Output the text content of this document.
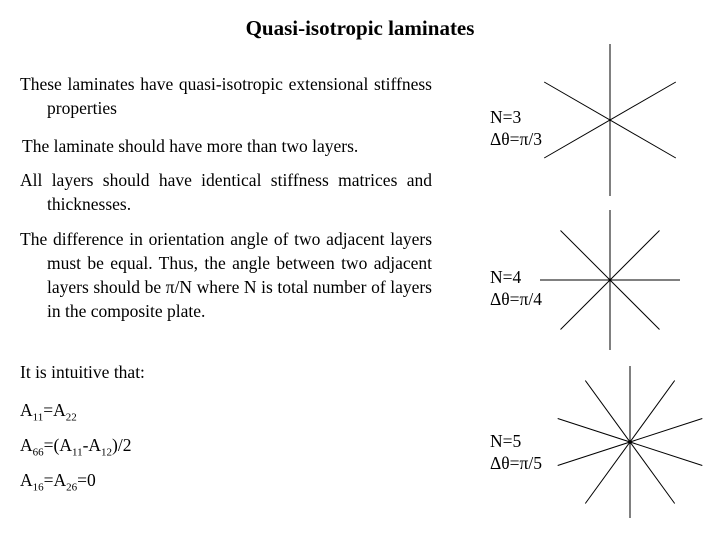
Quasi-isotropic laminates
These laminates have quasi-isotropic extensional stiffness properties
The laminate should have more than two layers.
All layers should have identical stiffness matrices and thicknesses.
The difference in orientation angle of two adjacent layers must be equal. Thus, the angle between two adjacent layers should be π/N where N is total number of layers in the composite plate.
It is intuitive that:
$A_{11}=A_{22}$
$A_{66}=(A_{11}-A_{12})/2$
$A_{16}=A_{26}=0$
N=3
Δθ=π/3
N=4
Δθ=π/4
N=5
Δθ=π/5
